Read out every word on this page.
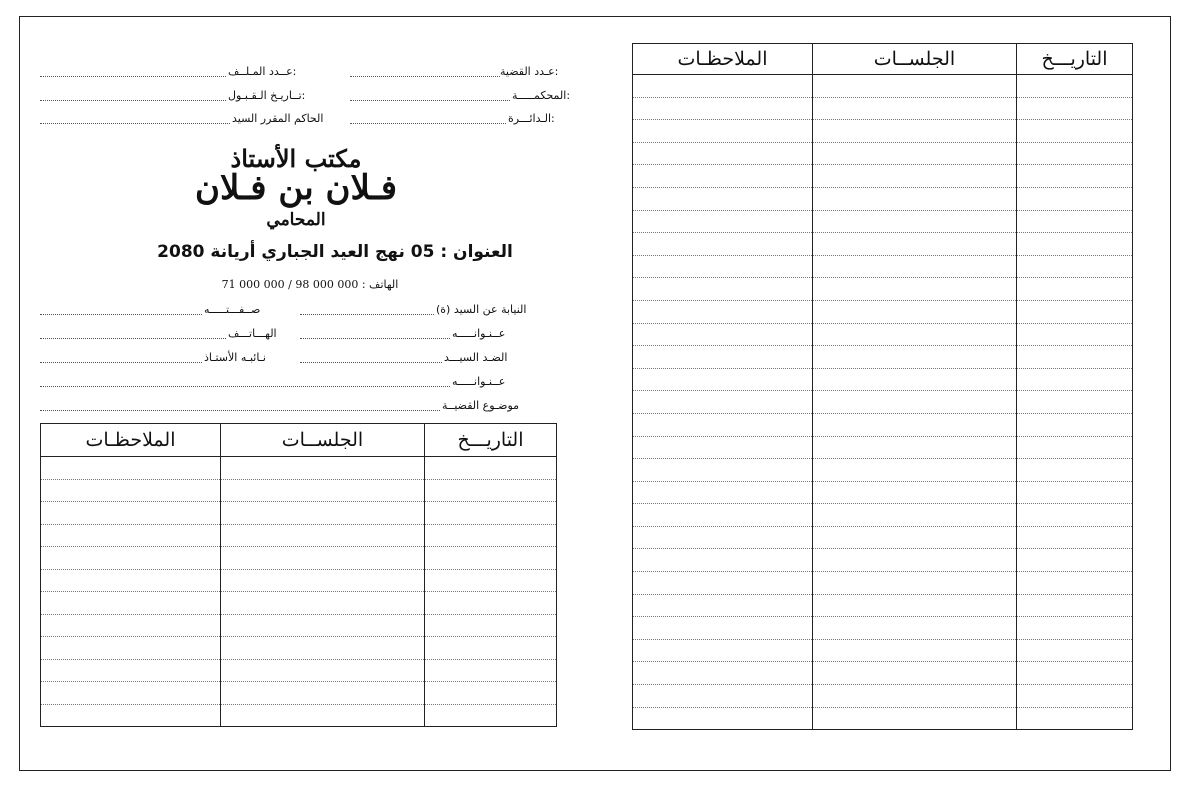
:عـدد القضية
:عــدد المـلــف
:المحكمـــــة
:تــاريـخ الـقـبـول
:الـدائـــرة
الحاكم المقرر السيد
مكتب الأستاذ
فـلان بن فـلان
المحامي
العنوان : 05 نهج العيد الجباري أريانة 2080
الهاتف : 000 000 98 / 000 000 71
النيابة عن السيد (ة)
صــفـــتـــــه
عــنـوانـــــه
الهـــاتـــف
الضـد السيـــد
نـائبـه الأستـاذ
عــنـوانـــــه
موضـوع القضيــة
الملاحظـات	الجلســات	التاريـــخ

الملاحظـات	الجلســات	التاريـــخ
